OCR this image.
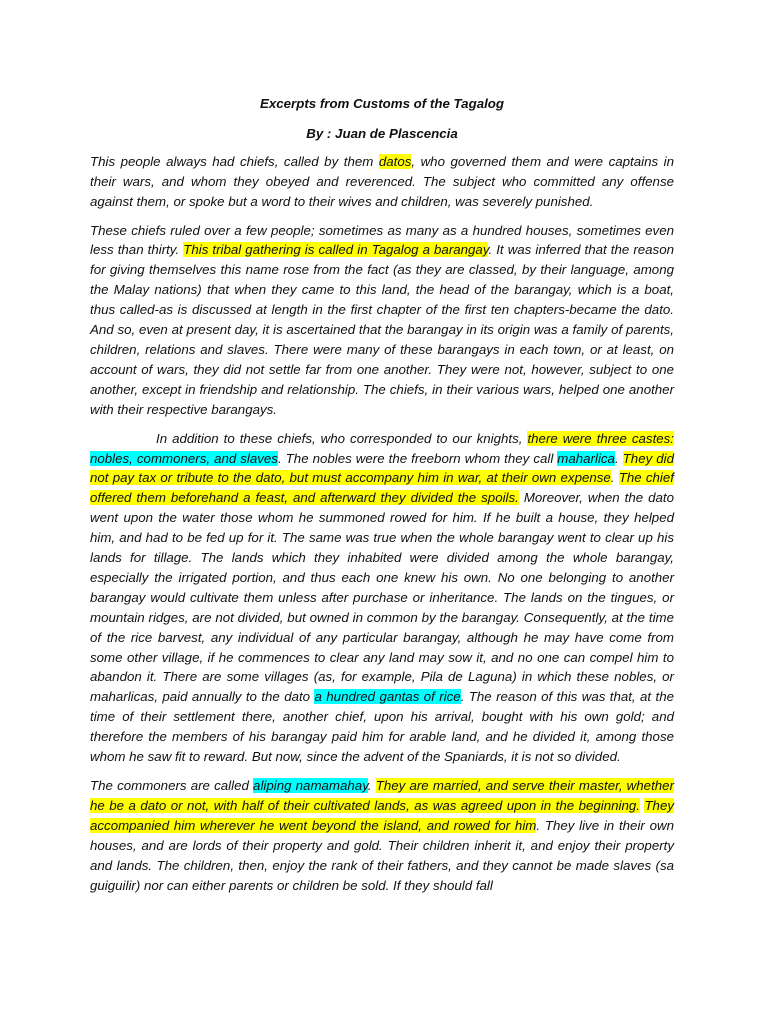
Excerpts from Customs of the Tagalog

By : Juan de Plascencia

This people always had chiefs, called by them datos, who governed them and were captains in their wars, and whom they obeyed and reverenced. The subject who committed any offense against them, or spoke but a word to their wives and children, was severely punished.

These chiefs ruled over a few people; sometimes as many as a hundred houses, sometimes even less than thirty. This tribal gathering is called in Tagalog a barangay. It was inferred that the reason for giving themselves this name rose from the fact (as they are classed, by their language, among the Malay nations) that when they came to this land, the head of the barangay, which is a boat, thus called-as is discussed at length in the first chapter of the first ten chapters-became the dato. And so, even at present day, it is ascertained that the barangay in its origin was a family of parents, children, relations and slaves. There were many of these barangays in each town, or at least, on account of wars, they did not settle far from one another. They were not, however, subject to one another, except in friendship and relationship. The chiefs, in their various wars, helped one another with their respective barangays.

In addition to these chiefs, who corresponded to our knights, there were three castes: nobles, commoners, and slaves. The nobles were the freeborn whom they call maharlica. They did not pay tax or tribute to the dato, but must accompany him in war, at their own expense. The chief offered them beforehand a feast, and afterward they divided the spoils. Moreover, when the dato went upon the water those whom he summoned rowed for him. If he built a house, they helped him, and had to be fed up for it. The same was true when the whole barangay went to clear up his lands for tillage. The lands which they inhabited were divided among the whole barangay, especially the irrigated portion, and thus each one knew his own. No one belonging to another barangay would cultivate them unless after purchase or inheritance. The lands on the tingues, or mountain ridges, are not divided, but owned in common by the barangay. Consequently, at the time of the rice barvest, any individual of any particular barangay, although he may have come from some other village, if he commences to clear any land may sow it, and no one can compel him to abandon it. There are some villages (as, for example, Pila de Laguna) in which these nobles, or maharlicas, paid annually to the dato a hundred gantas of rice. The reason of this was that, at the time of their settlement there, another chief, upon his arrival, bought with his own gold; and therefore the members of his barangay paid him for arable land, and he divided it, among those whom he saw fit to reward. But now, since the advent of the Spaniards, it is not so divided.

The commoners are called aliping namamahay. They are married, and serve their master, whether he be a dato or not, with half of their cultivated lands, as was agreed upon in the beginning. They accompanied him wherever he went beyond the island, and rowed for him. They live in their own houses, and are lords of their property and gold. Their children inherit it, and enjoy their property and lands. The children, then, enjoy the rank of their fathers, and they cannot be made slaves (sa guiguilir) nor can either parents or children be sold. If they should fall
